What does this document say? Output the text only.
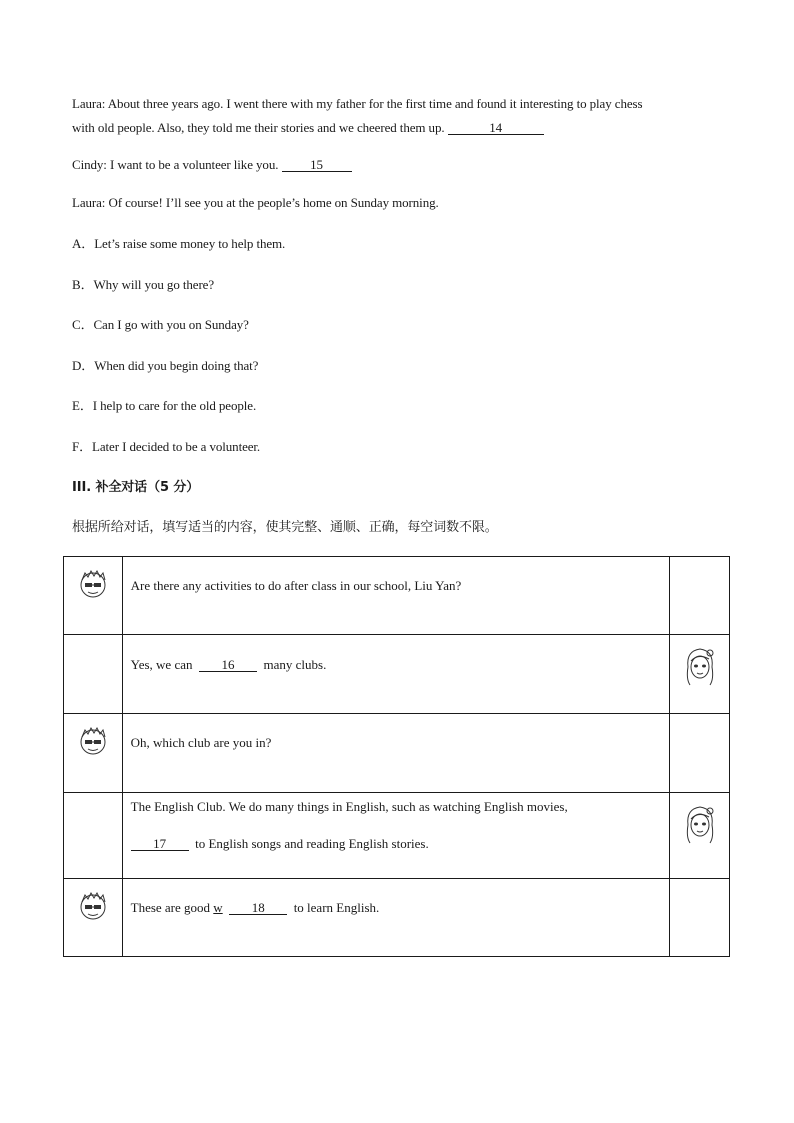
Laura: About three years ago. I went there with my father for the first time and found it interesting to play chess
with old people. Also, they told me their stories and we cheered them up.	14
Cindy: I want to be a volunteer like you. 15
Laura: Of course! I’ll see you at the people’s home on Sunday morning.
A．Let’s raise some money to help them.
B．Why will you go there?
C．Can I go with you on Sunday?
D．When did you begin doing that?
E．I help to care for the old people.
F．Later I decided to be a volunteer.
III. 补全对话（5 分）
根据所给对话，填写适当的内容，使其完整、通顺、正确，每空词数不限。

Are there any activities to do after class in our school, Liu Yan?	

	Yes, we can 16 many clubs.

Oh, which club are you in?	

	The English Club. We do many things in English, such as watching English movies,
17 to English songs and reading English stories.

These are good w 18 to learn English.	
